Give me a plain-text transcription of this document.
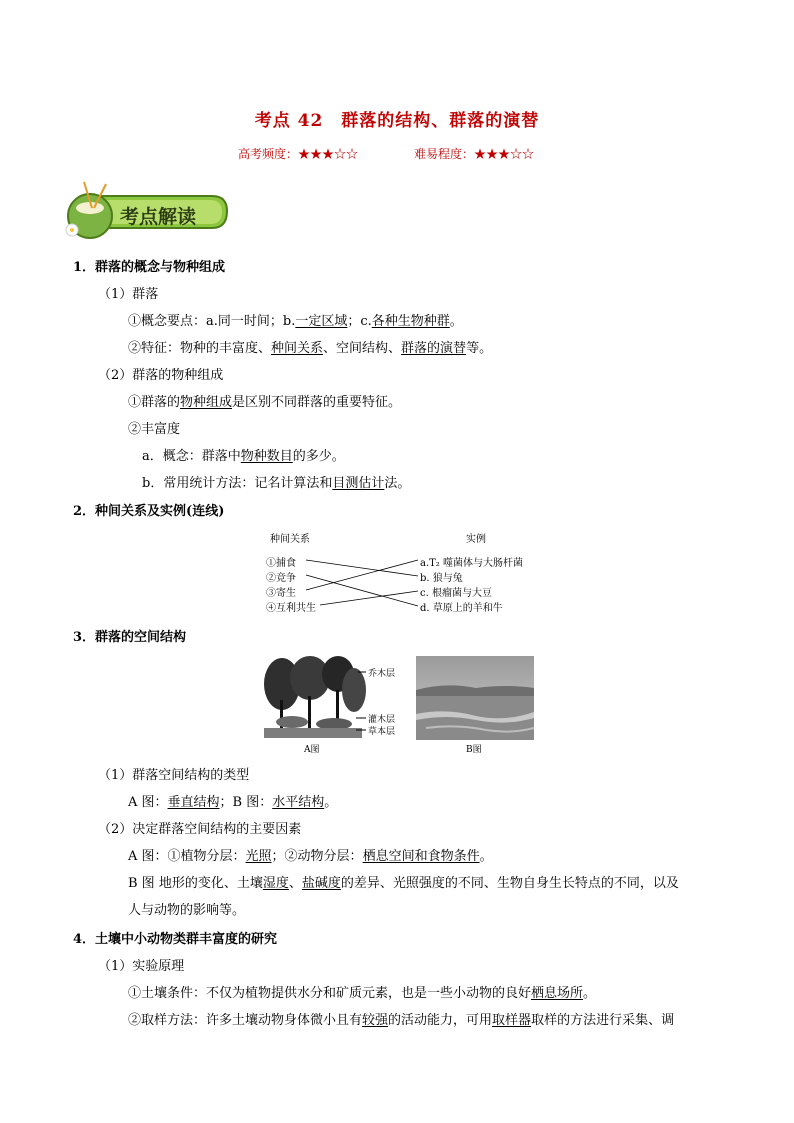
考点 42　群落的结构、群落的演替
高考频度：★★★☆☆	难易程度：★★★☆☆
考点解读
1．群落的概念与物种组成
（1）群落
①概念要点：a.同一时间；b.一定区域；c.各种生物种群。
②特征：物种的丰富度、种间关系、空间结构、群落的演替等。
（2）群落的物种组成
①群落的物种组成是区别不同群落的重要特征。
②丰富度
a．概念：群落中物种数目的多少。
b．常用统计方法：记名计算法和目测估计法。
2．种间关系及实例(连线)
种间关系	实例
①捕食
②竞争
③寄生
④互利共生
a.T₂ 噬菌体与大肠杆菌
b. 狼与兔
c. 根瘤菌与大豆
d. 草原上的羊和牛
3．群落的空间结构
乔木层
灌木层
草本层
A图	B图
（1）群落空间结构的类型
A 图：垂直结构；B 图：水平结构。
（2）决定群落空间结构的主要因素
A 图：①植物分层：光照；②动物分层：栖息空间和食物条件。
B 图 地形的变化、土壤湿度、盐碱度的差异、光照强度的不同、生物自身生长特点的不同，以及
人与动物的影响等。
4．土壤中小动物类群丰富度的研究
（1）实验原理
①土壤条件：不仅为植物提供水分和矿质元素，也是一些小动物的良好栖息场所。
②取样方法：许多土壤动物身体微小且有较强的活动能力，可用取样器取样的方法进行采集、调
